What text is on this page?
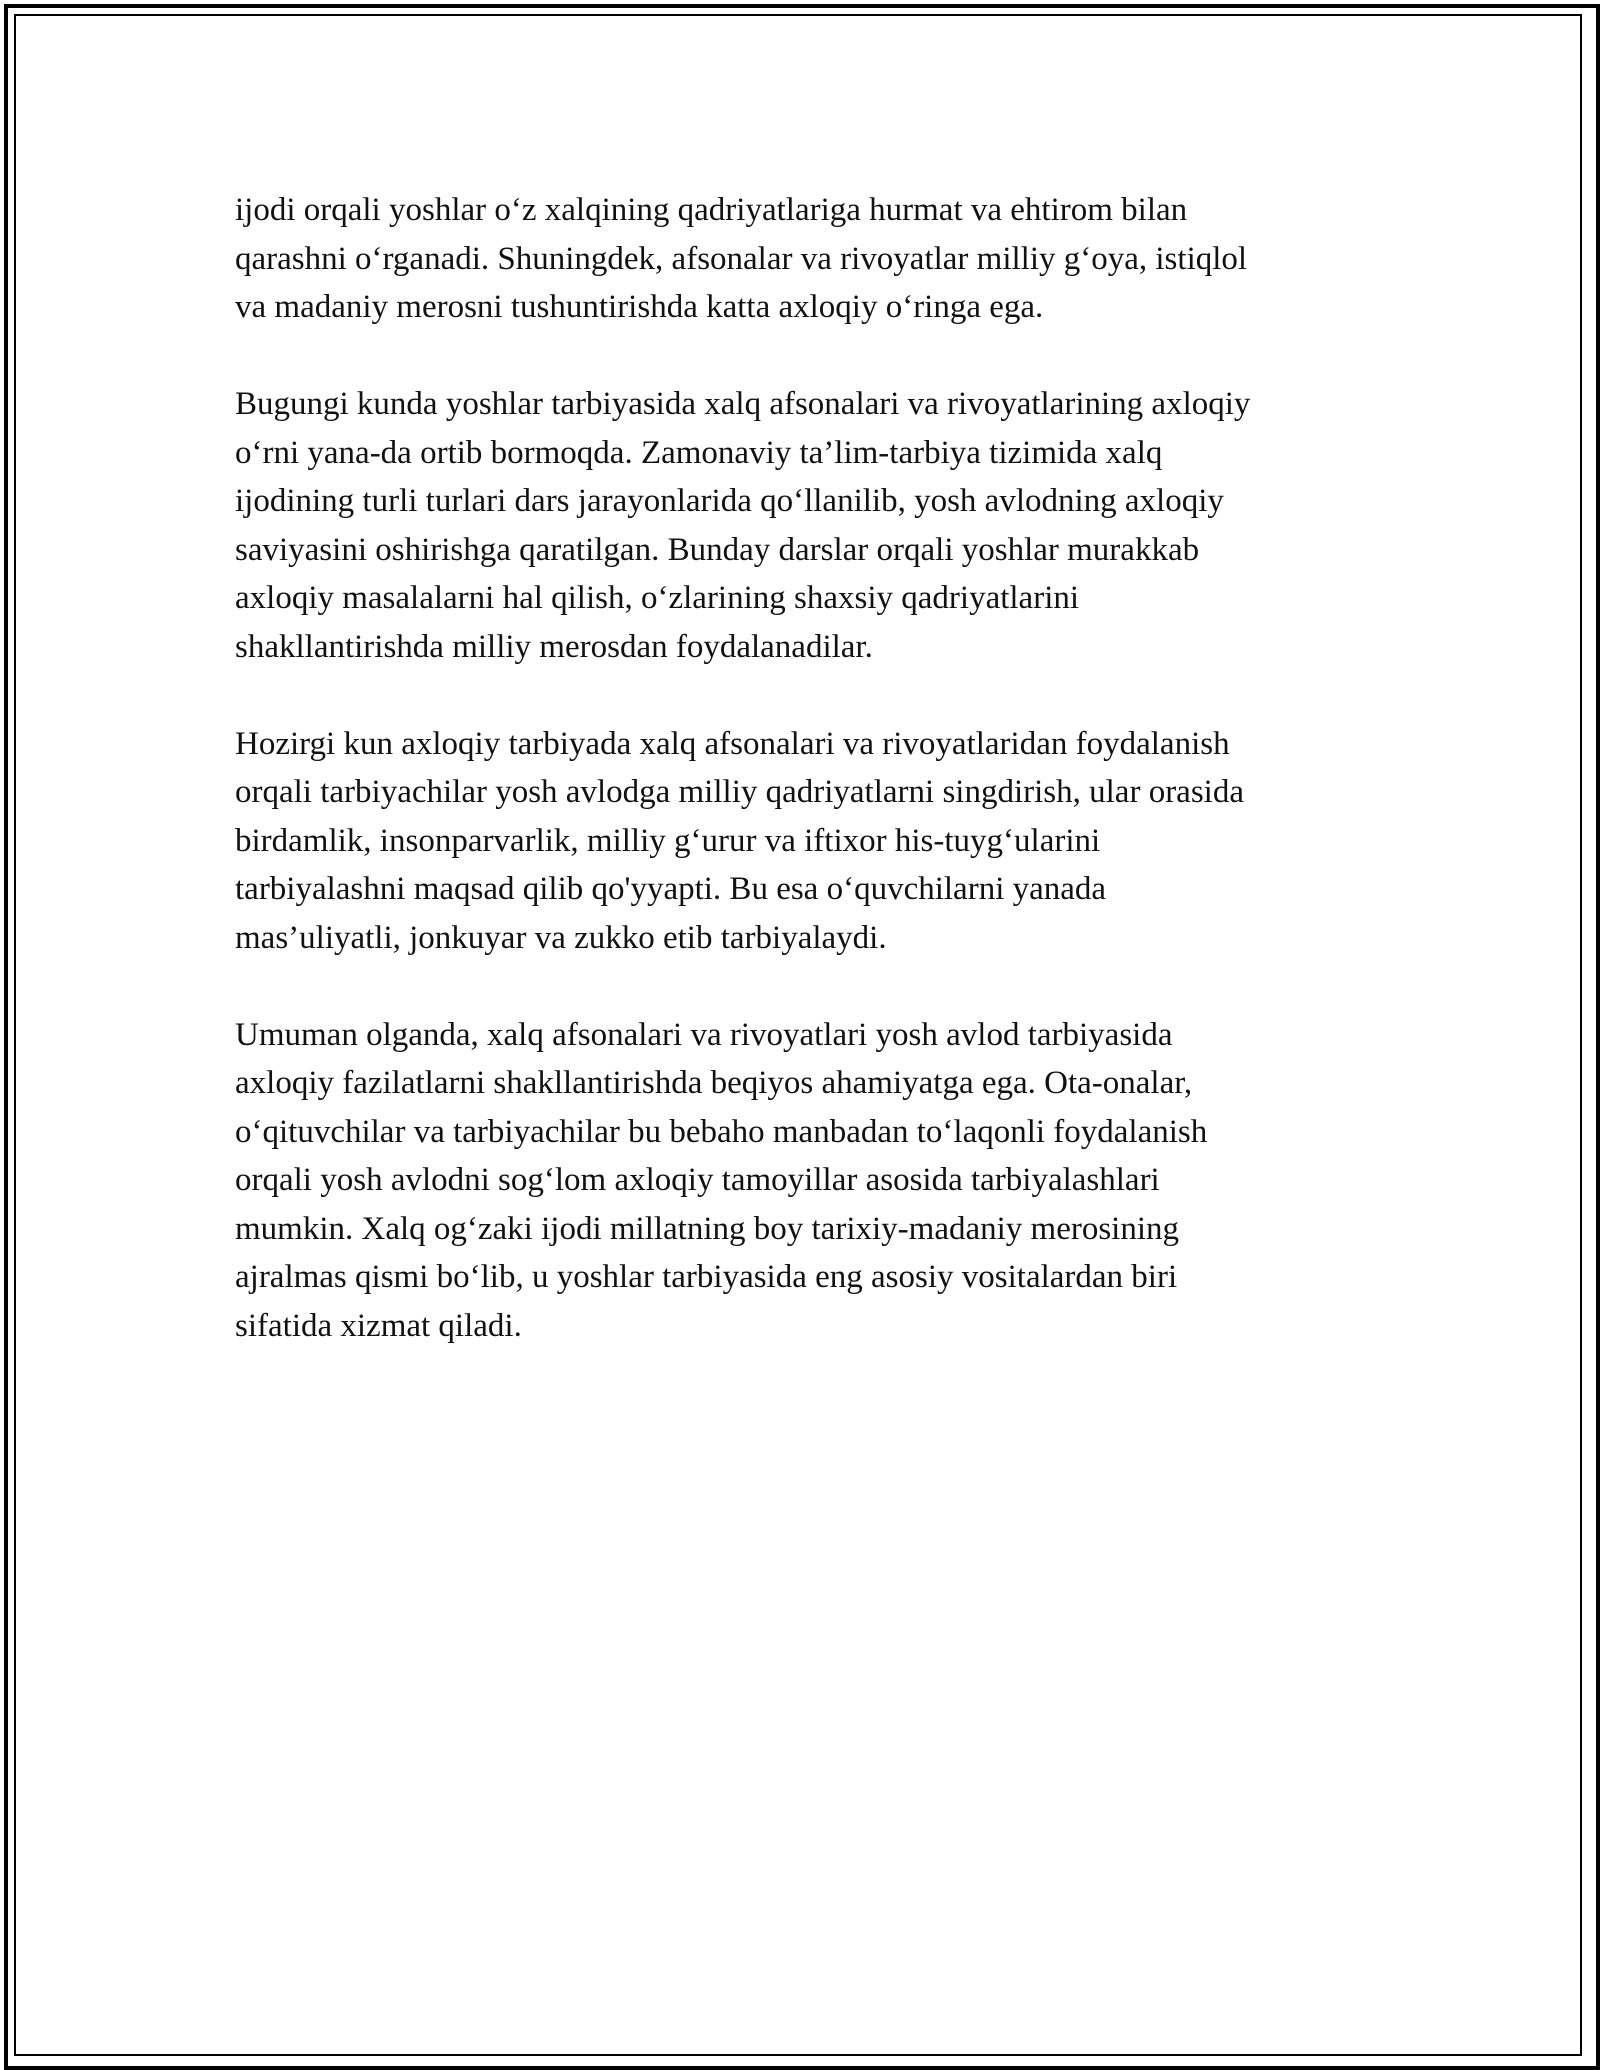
ijodi orqali yoshlar o‘z xalqining qadriyatlariga hurmat va ehtirom bilan
qarashni o‘rganadi. Shuningdek, afsonalar va rivoyatlar milliy g‘oya, istiqlol
va madaniy merosni tushuntirishda katta axloqiy o‘ringa ega.

Bugungi kunda yoshlar tarbiyasida xalq afsonalari va rivoyatlarining axloqiy
o‘rni yana-da ortib bormoqda. Zamonaviy ta’lim-tarbiya tizimida xalq
ijodining turli turlari dars jarayonlarida qo‘llanilib, yosh avlodning axloqiy
saviyasini oshirishga qaratilgan. Bunday darslar orqali yoshlar murakkab
axloqiy masalalarni hal qilish, o‘zlarining shaxsiy qadriyatlarini
shakllantirishda milliy merosdan foydalanadilar.

Hozirgi kun axloqiy tarbiyada xalq afsonalari va rivoyatlaridan foydalanish
orqali tarbiyachilar yosh avlodga milliy qadriyatlarni singdirish, ular orasida
birdamlik, insonparvarlik, milliy g‘urur va iftixor his-tuyg‘ularini
tarbiyalashni maqsad qilib qo'yyapti. Bu esa o‘quvchilarni yanada
mas’uliyatli, jonkuyar va zukko etib tarbiyalaydi.

Umuman olganda, xalq afsonalari va rivoyatlari yosh avlod tarbiyasida
axloqiy fazilatlarni shakllantirishda beqiyos ahamiyatga ega. Ota-onalar,
o‘qituvchilar va tarbiyachilar bu bebaho manbadan to‘laqonli foydalanish
orqali yosh avlodni sog‘lom axloqiy tamoyillar asosida tarbiyalashlari
mumkin. Xalq og‘zaki ijodi millatning boy tarixiy-madaniy merosining
ajralmas qismi bo‘lib, u yoshlar tarbiyasida eng asosiy vositalardan biri
sifatida xizmat qiladi.
